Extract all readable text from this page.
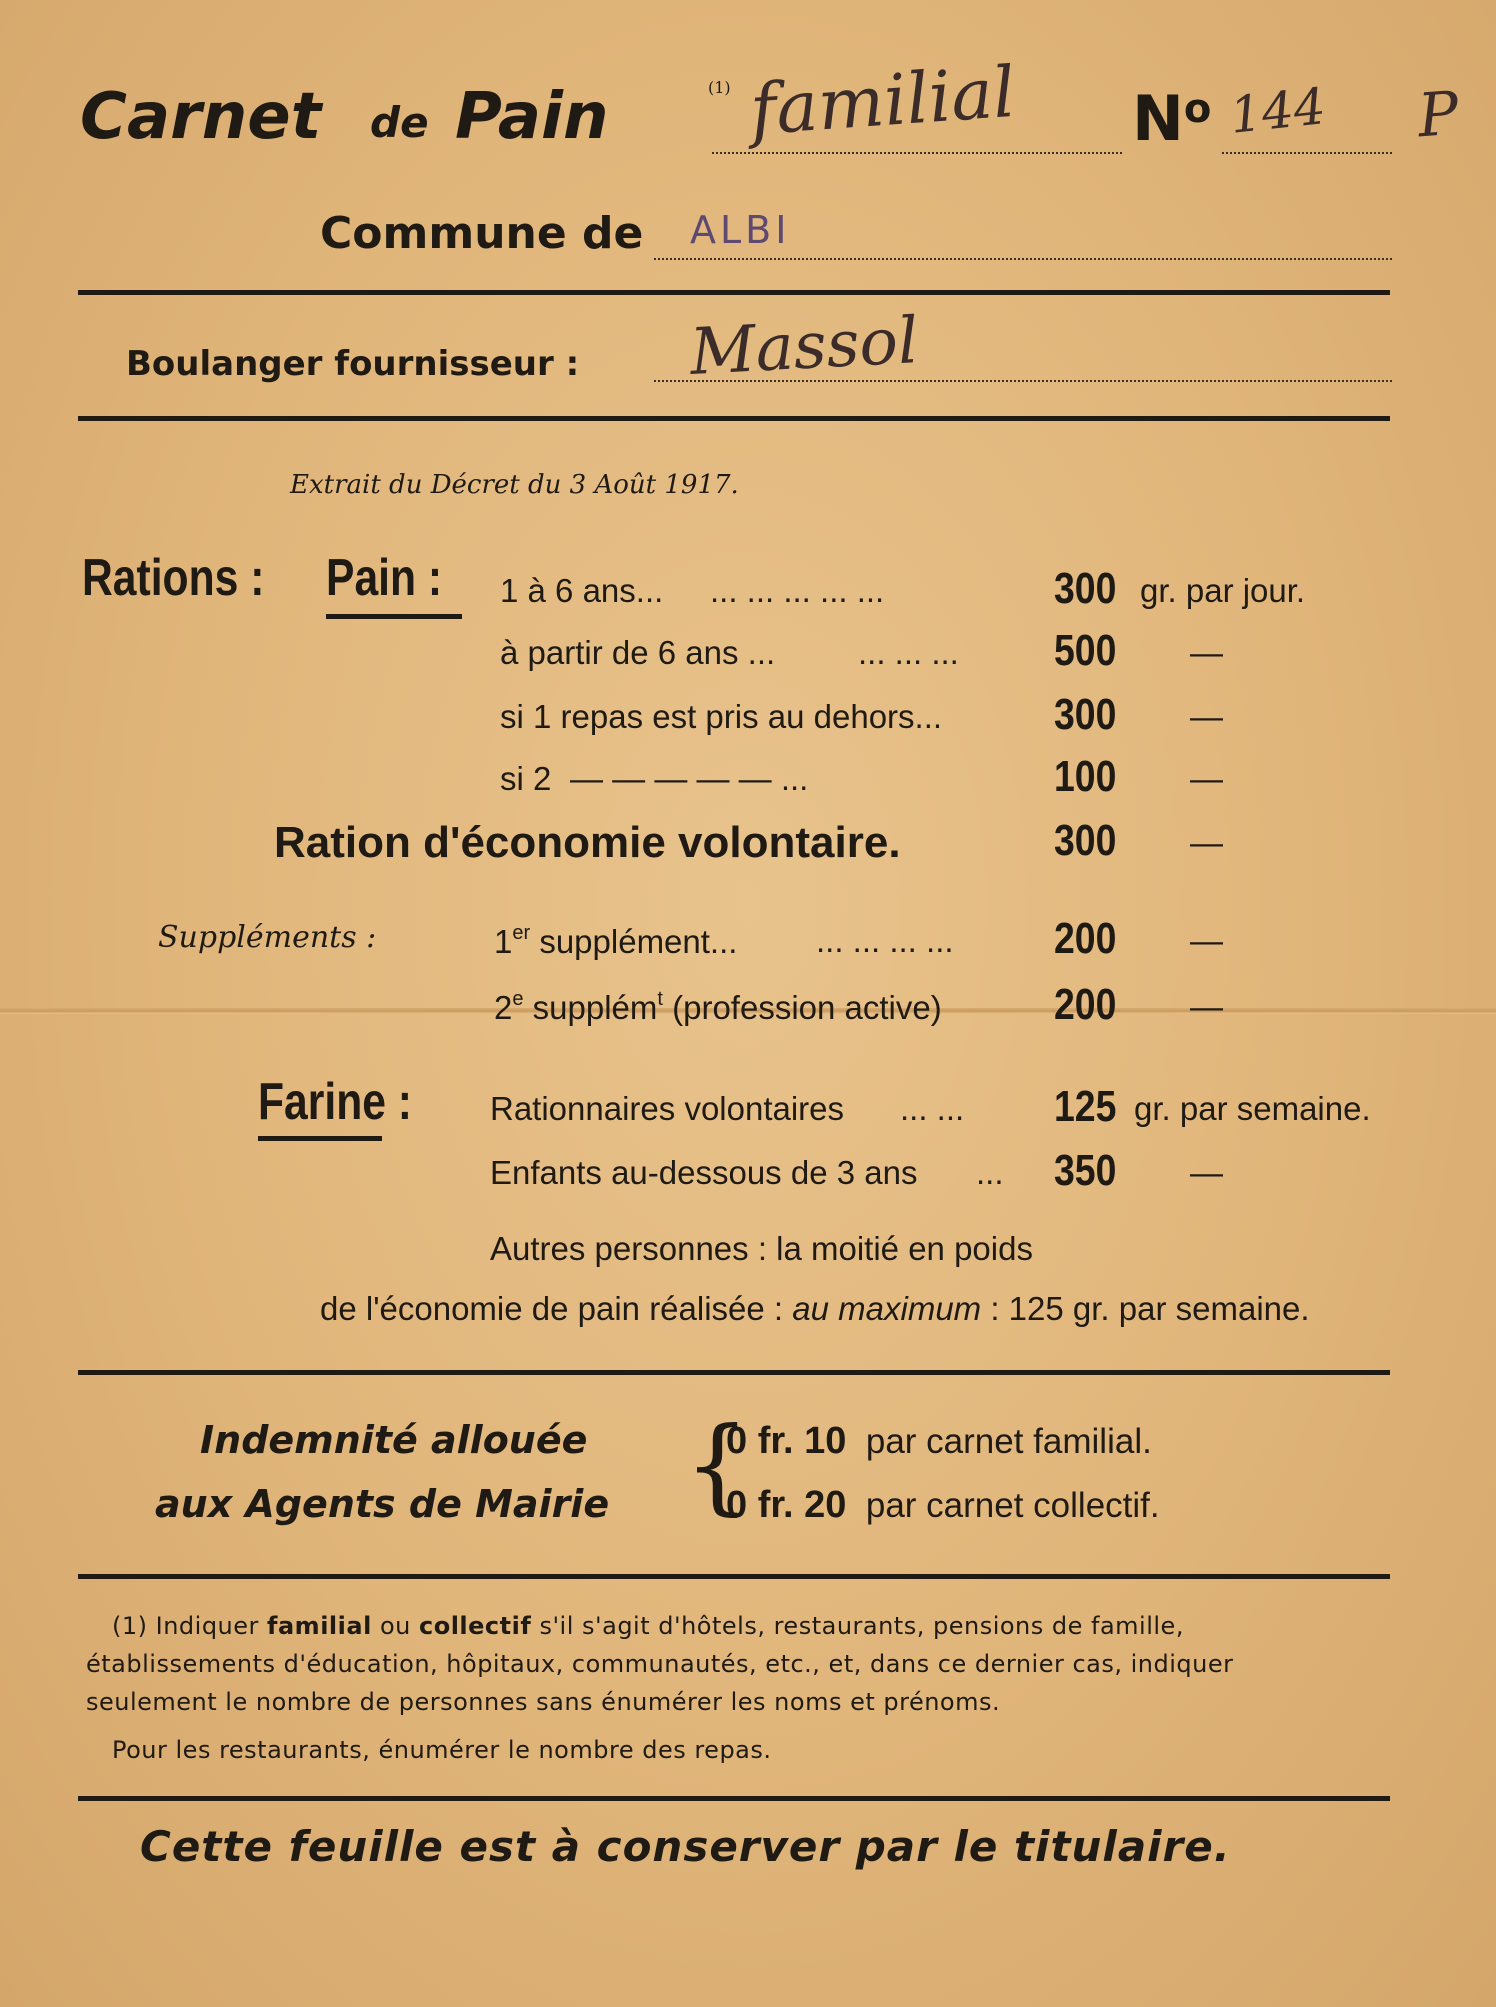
Carnet de Pain	(1) familial $N^o$ 144 P
Commune de ALBI
Boulanger fournisseur : Massol
Extrait du Décret du 3 Août 1917.
Rations : Pain : 1 à 6 ans... ... ... ... ... ...	300 gr. par jour.
à partir de 6 ans ...	... ... ... 500 —
si 1 repas est pris au dehors...	300 —
si 2 — — — — — ...	100 —
Ration d'économie volontaire.	300 —
Suppléments :	1er supplément... ... ... ... ... 200 —
2e supplém$^t$ (profession active)	200 —
Farine : Rationnaires volontaires ... ... 125 gr. par semaine.
Enfants au-dessous de 3 ans ... 350 —
Autres personnes : la moitié en poids
de l'économie de pain réalisée : au maximum : 125 gr. par semaine.
Indemnité allouée
aux Agents de Mairie {
0 fr. 10 par carnet familial.
0 fr. 20 par carnet collectif.
(1) Indiquer familial ou collectif s'il s'agit d'hôtels, restaurants, pensions de famille,
établissements d'éducation, hôpitaux, communautés, etc., et, dans ce dernier cas, indiquer
seulement le nombre de personnes sans énumérer les noms et prénoms.
Pour les restaurants, énumérer le nombre des repas.
Cette feuille est à conserver par le titulaire.
